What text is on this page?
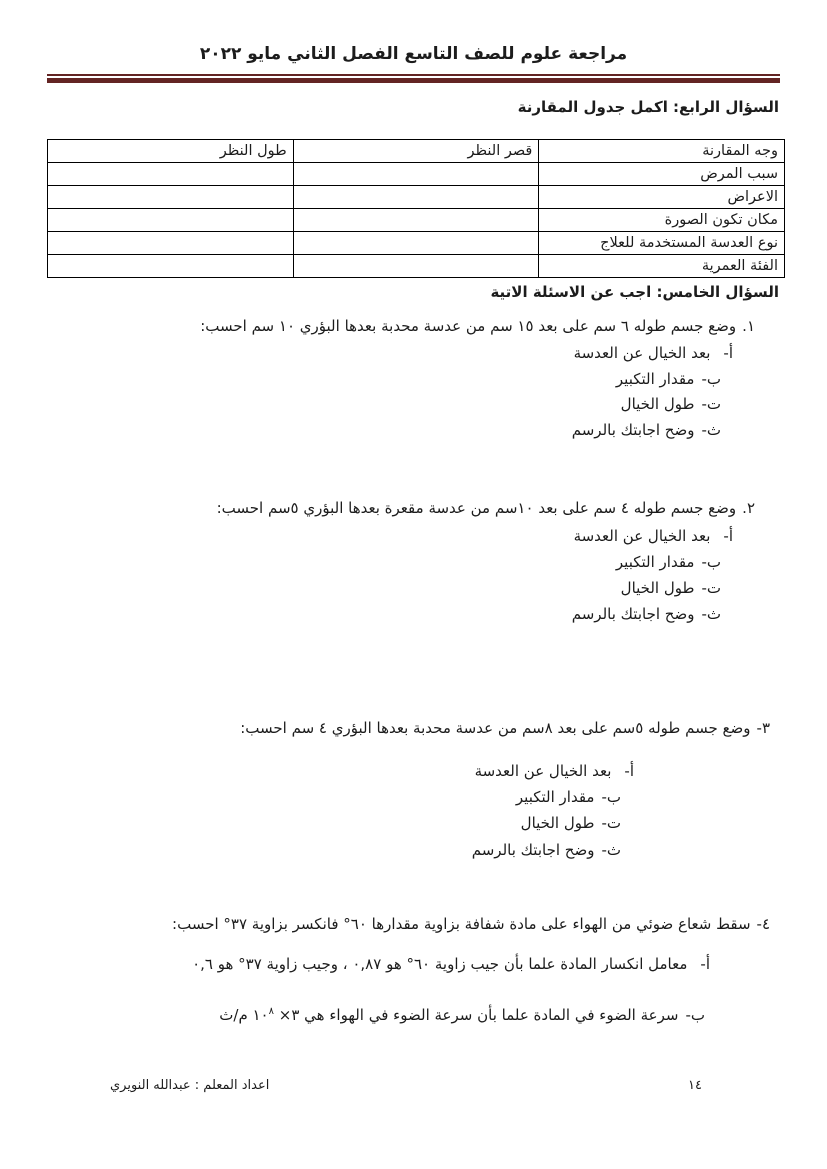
مراجعة علوم للصف التاسع الفصل الثاني مايو ٢٠٢٢
السؤال الرابع: اكمل جدول المقارنة
وجه المقارنة	قصر النظر	طول النظر
سبب المرض		
الاعراض		
مكان تكون الصورة		
نوع العدسة المستخدمة للعلاج		
الفئة العمرية		
السؤال الخامس: اجب عن الاسئلة الاتية
١.وضع جسم طوله ٦ سم على بعد ١٥ سم من عدسة محدبة بعدها البؤري ١٠ سم احسب:
أ-بعد الخيال عن العدسة
ب-مقدار التكبير
ت-طول الخيال
ث-وضح اجابتك بالرسم
٢.وضع جسم طوله ٤ سم على بعد ١٠سم من عدسة مقعرة بعدها البؤري ٥سم احسب:
أ-بعد الخيال عن العدسة
ب-مقدار التكبير
ت-طول الخيال
ث-وضح اجابتك بالرسم
٣-وضع جسم طوله ٥سم على بعد ٨سم من عدسة محدبة بعدها البؤري ٤ سم احسب:
أ-بعد الخيال عن العدسة
ب-مقدار التكبير
ت-طول الخيال
ث-وضح اجابتك بالرسم
٤-سقط شعاع ضوئي من الهواء على مادة شفافة بزاوية مقدارها ٦٠° فانكسر بزاوية ٣٧° احسب:
أ-معامل انكسار المادة علما بأن جيب زاوية ٦٠° هو ٠,٨٧ ، وجيب زاوية ٣٧° هو ٠,٦
ب-سرعة الضوء في المادة علما بأن سرعة الضوء في الهواء هي ٣× $١٠^٨$ م/ث
اعداد المعلم : عبدالله النويري	١٤
